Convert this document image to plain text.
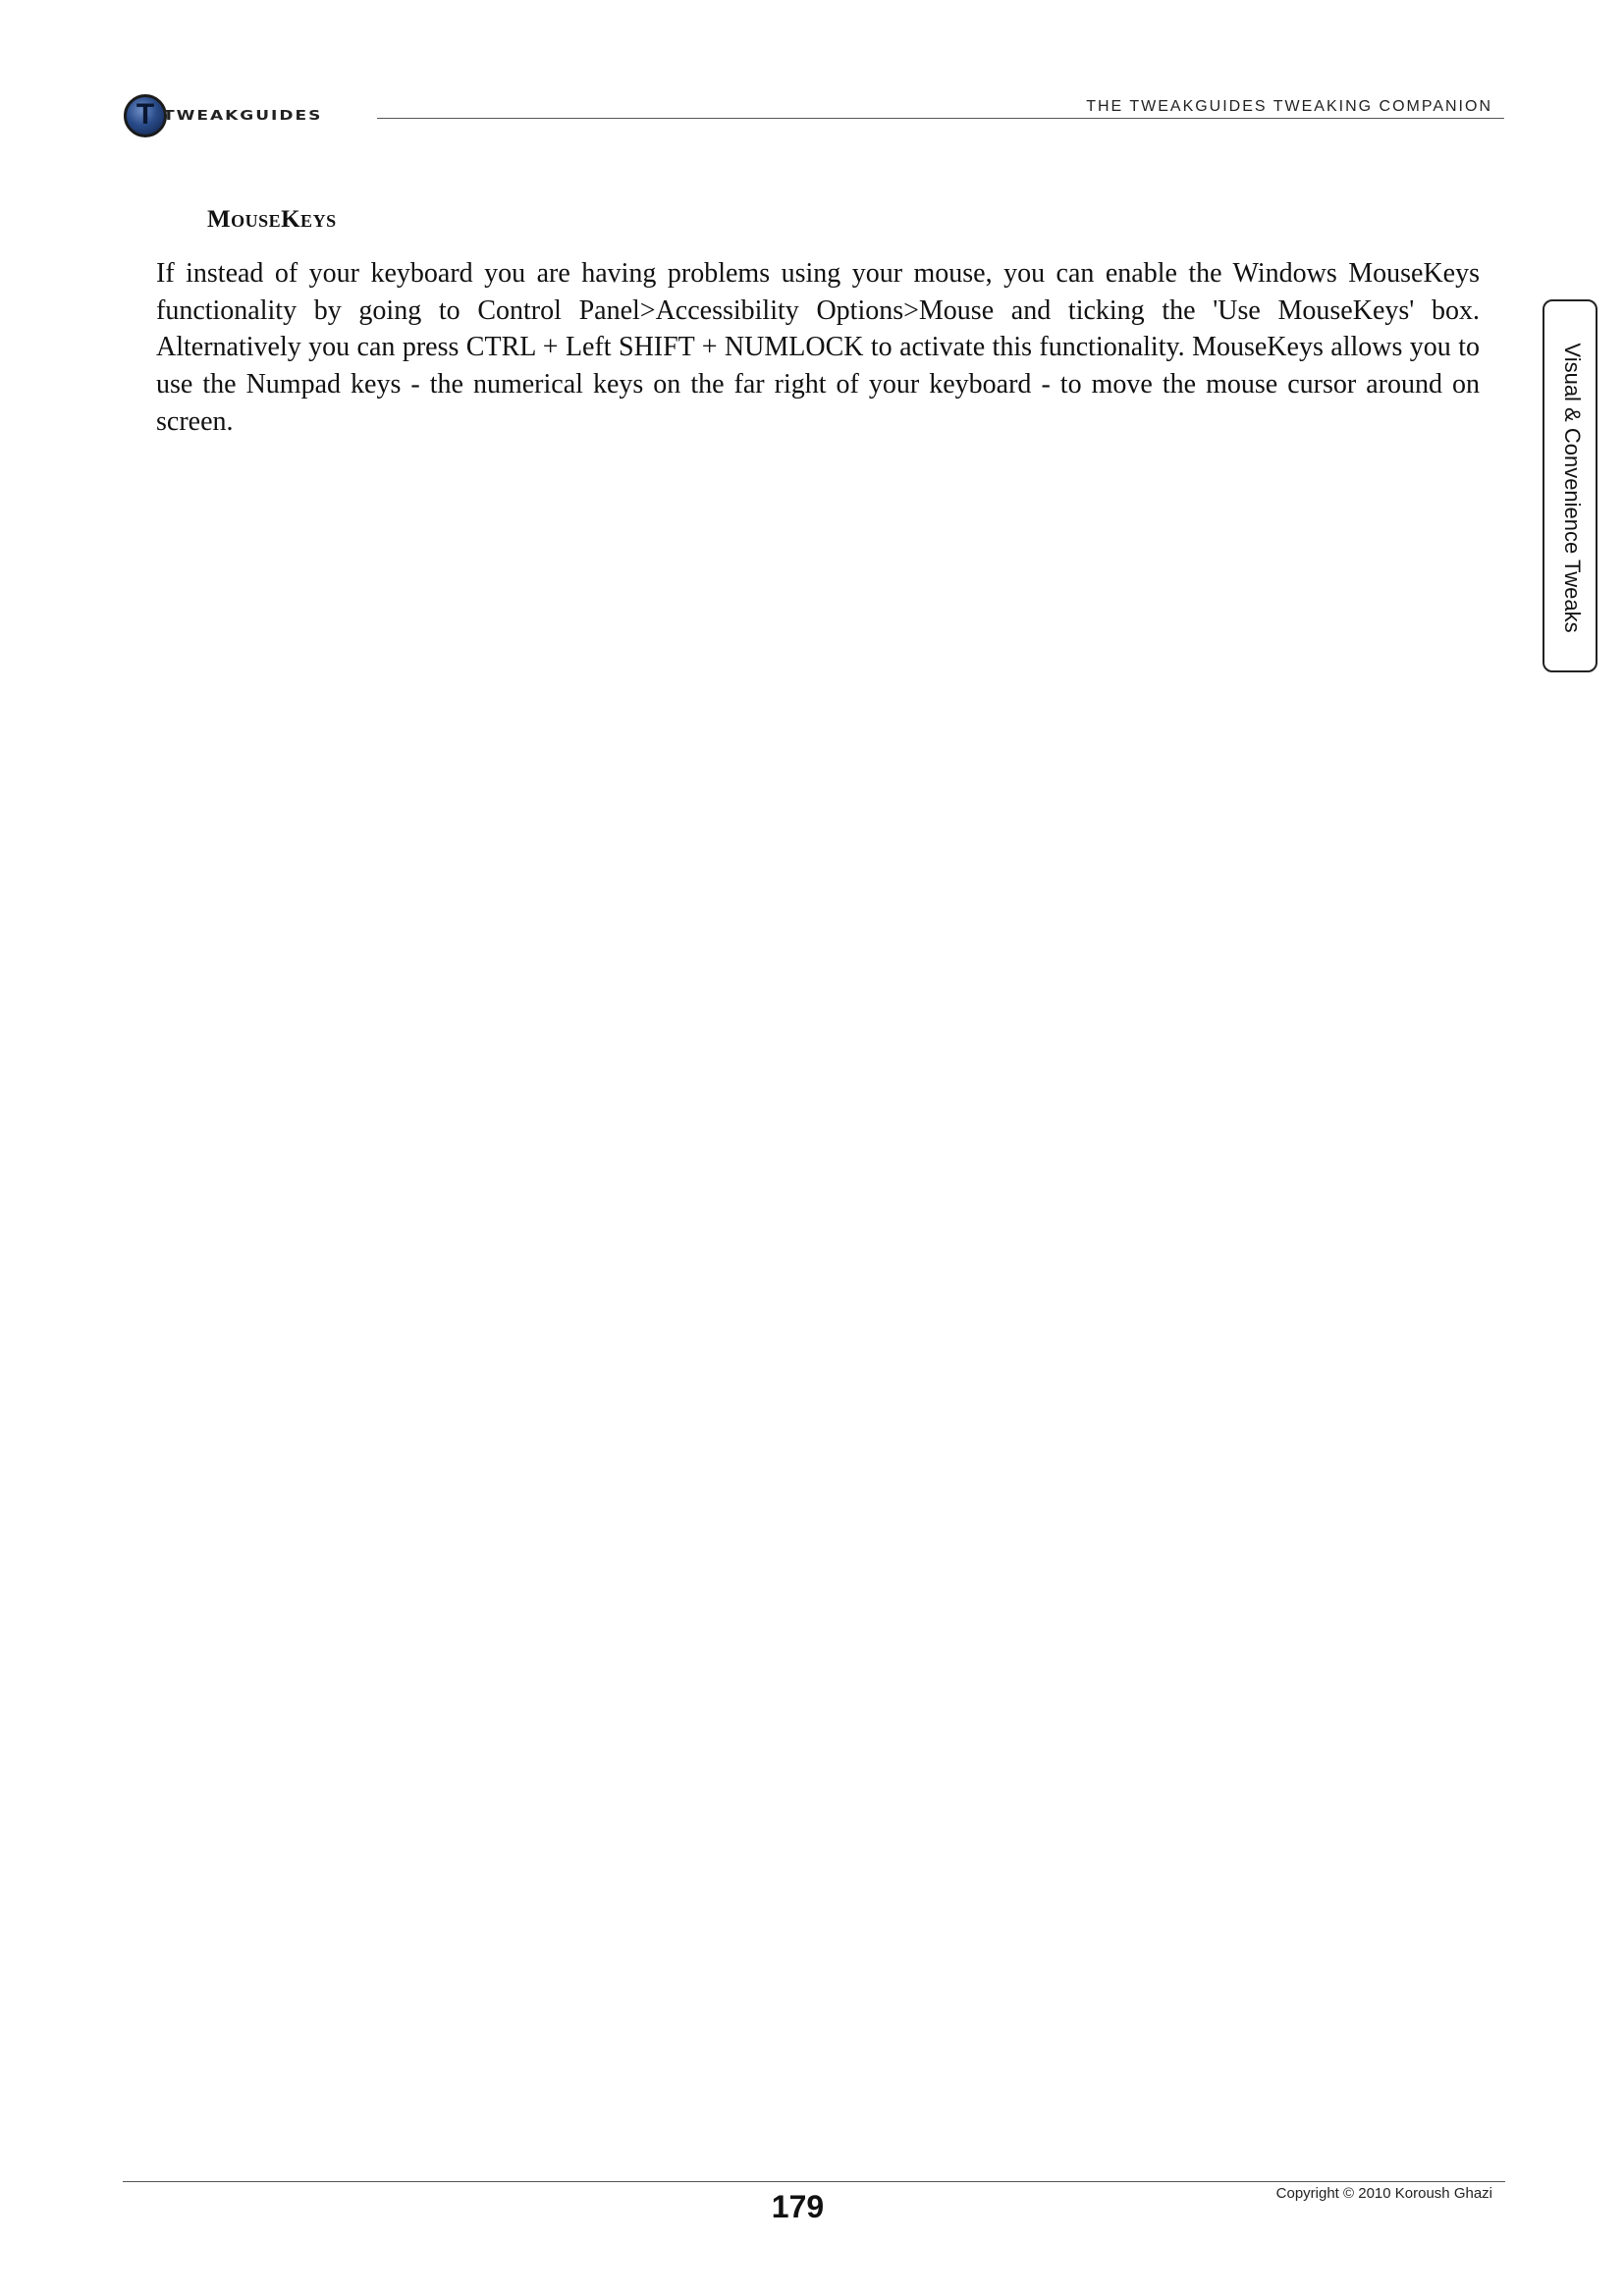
T TWEAKGUIDES
THE TWEAKGUIDES TWEAKING COMPANION
Visual & Convenience Tweaks
MouseKeys

If instead of your keyboard you are having problems using your mouse, you can enable the Windows MouseKeys functionality by going to Control Panel>Accessibility Options>Mouse and ticking the 'Use MouseKeys' box. Alternatively you can press CTRL + Left SHIFT + NUMLOCK to activate this functionality. MouseKeys allows you to use the Numpad keys - the numerical keys on the far right of your keyboard - to move the mouse cursor around on screen.

179	Copyright © 2010 Koroush Ghazi
